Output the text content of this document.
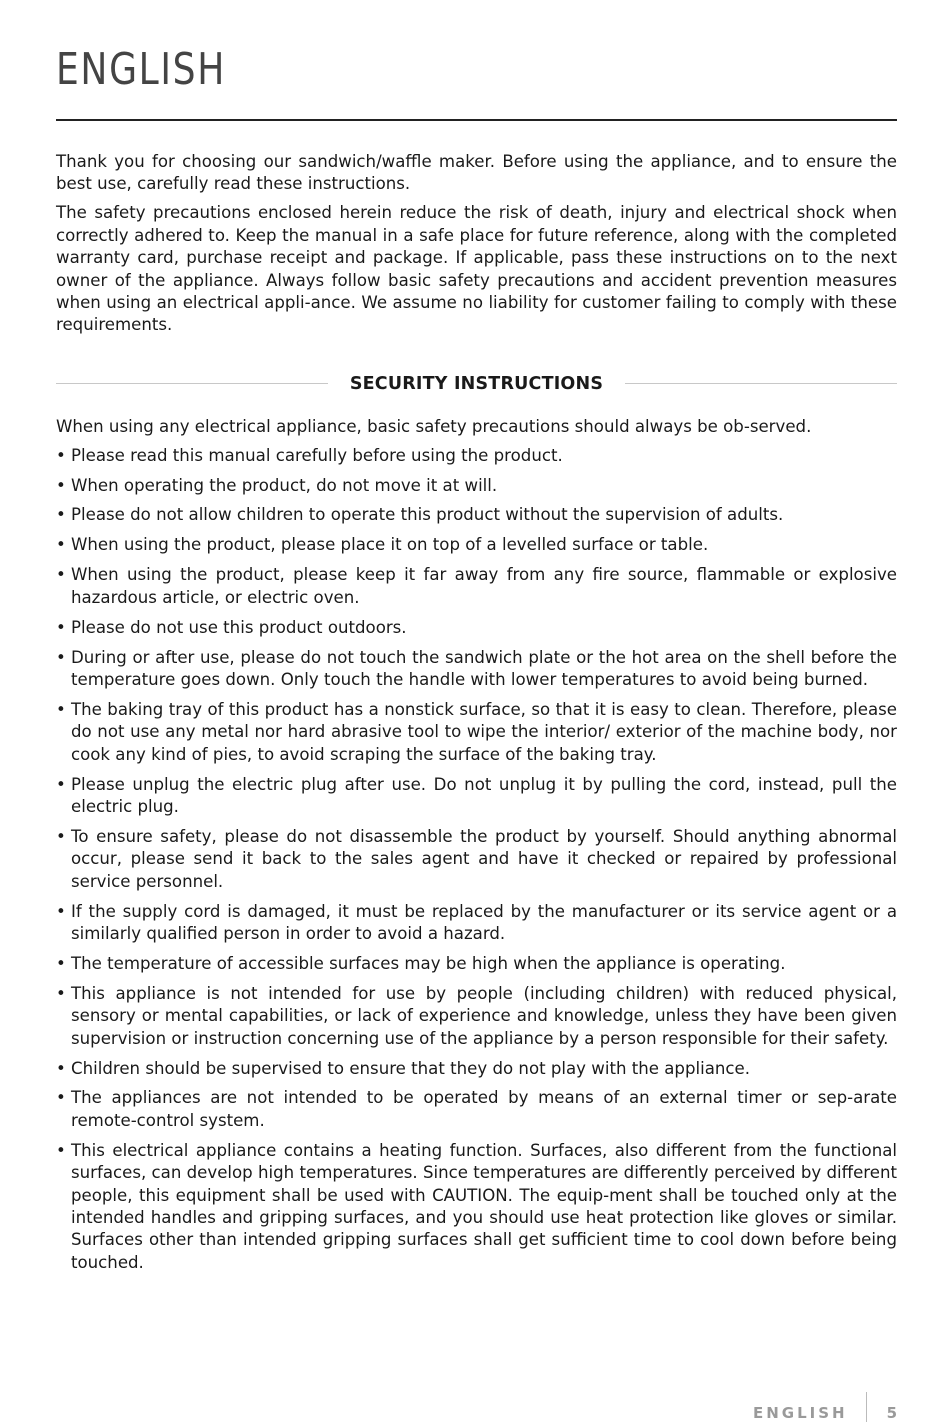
ENGLISH

Thank you for choosing our sandwich/waffle maker. Before using the appliance, and to ensure the best use, carefully read these instructions.

The safety precautions enclosed herein reduce the risk of death, injury and electrical shock when correctly adhered to. Keep the manual in a safe place for future reference, along with the completed warranty card, purchase receipt and package. If applicable, pass these instructions on to the next owner of the appliance. Always follow basic safety precautions and accident prevention measures when using an electrical appli-ance. We assume no liability for customer failing to comply with these requirements.

SECURITY INSTRUCTIONS

When using any electrical appliance, basic safety precautions should always be ob-served.

• Please read this manual carefully before using the product.
• When operating the product, do not move it at will.
• Please do not allow children to operate this product without the supervision of adults.
• When using the product, please place it on top of a levelled surface or table.
• When using the product, please keep it far away from any fire source, flammable or explosive hazardous article, or electric oven.
• Please do not use this product outdoors.
• During or after use, please do not touch the sandwich plate or the hot area on the shell before the temperature goes down. Only touch the handle with lower temperatures to avoid being burned.
• The baking tray of this product has a nonstick surface, so that it is easy to clean. Therefore, please do not use any metal nor hard abrasive tool to wipe the interior/ exterior of the machine body, nor cook any kind of pies, to avoid scraping the surface of the baking tray.
• Please unplug the electric plug after use. Do not unplug it by pulling the cord, instead, pull the electric plug.
• To ensure safety, please do not disassemble the product by yourself. Should anything abnormal occur, please send it back to the sales agent and have it checked or repaired by professional service personnel.
• If the supply cord is damaged, it must be replaced by the manufacturer or its service agent or a similarly qualified person in order to avoid a hazard.
• The temperature of accessible surfaces may be high when the appliance is operating.
• This appliance is not intended for use by people (including children) with reduced physical, sensory or mental capabilities, or lack of experience and knowledge, unless they have been given supervision or instruction concerning use of the appliance by a person responsible for their safety.
• Children should be supervised to ensure that they do not play with the appliance.
• The appliances are not intended to be operated by means of an external timer or sep-arate remote-control system.
• This electrical appliance contains a heating function. Surfaces, also different from the functional surfaces, can develop high temperatures. Since temperatures are differently perceived by different people, this equipment shall be used with CAUTION. The equip-ment shall be touched only at the intended handles and gripping surfaces, and you should use heat protection like gloves or similar. Surfaces other than intended gripping surfaces shall get sufficient time to cool down before being touched.
ENGLISH	5
